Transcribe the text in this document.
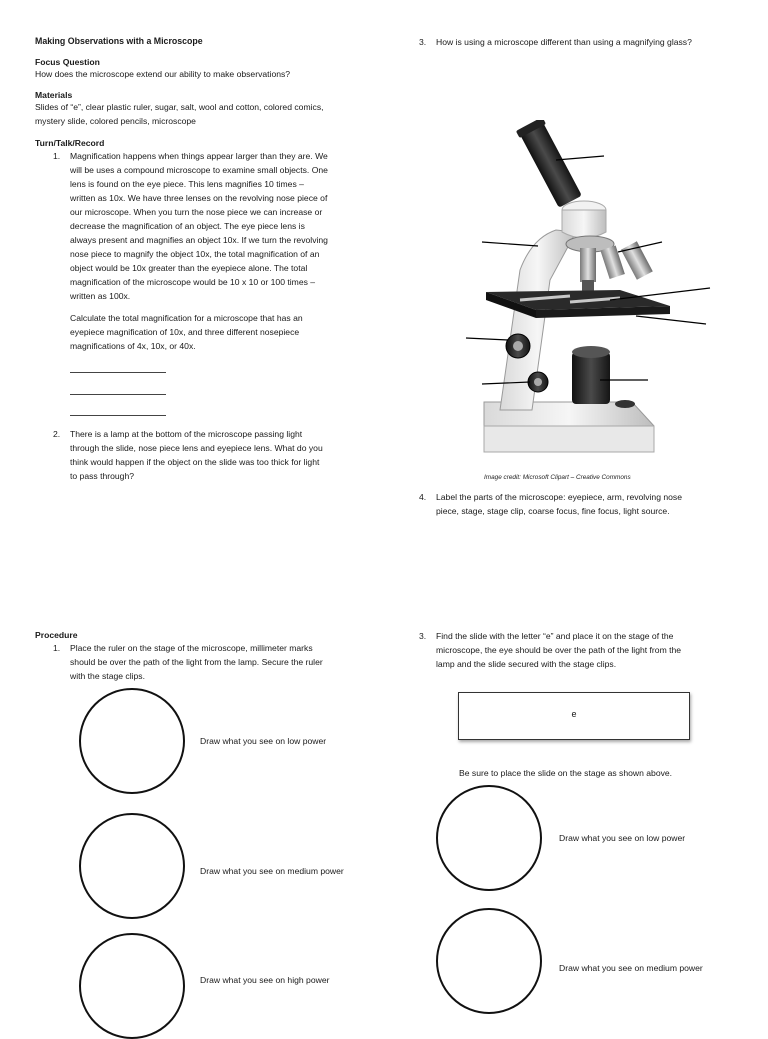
Making Observations with a Microscope
Focus Question
How does the microscope extend our ability to make observations?
Materials
Slides of “e”, clear plastic ruler, sugar, salt, wool and cotton, colored comics,
mystery slide, colored pencils, microscope
Turn/Talk/Record
1. Magnification happens when things appear larger than they are. We
will be uses a compound microscope to examine small objects. One
lens is found on the eye piece. This lens magnifies 10 times –
written as 10x. We have three lenses on the revolving nose piece of
our microscope. When you turn the nose piece we can increase or
decrease the magnification of an object. The eye piece lens is
always present and magnifies an object 10x. If we turn the revolving
nose piece to magnify the object 10x, the total magnification of an
object would be 10x greater than the eyepiece alone. The total
magnification of the microscope would be 10 x 10 or 100 times –
written as 100x.
Calculate the total magnification for a microscope that has an
eyepiece magnification of 10x, and three different nosepiece
magnifications of 4x, 10x, or 40x.
2. There is a lamp at the bottom of the microscope passing light
through the slide, nose piece lens and eyepiece lens. What do you
think would happen if the object on the slide was too thick for light
to pass through?
Procedure
1. Place the ruler on the stage of the microscope, millimeter marks
should be over the path of the light from the lamp. Secure the ruler
with the stage clips.
Draw what you see on low power
Draw what you see on medium power
Draw what you see on high power
3. How is using a microscope different than using a magnifying glass?
Image credit: Microsoft Clipart – Creative Commons
4. Label the parts of the microscope: eyepiece, arm, revolving nose
piece, stage, stage clip, coarse focus, fine focus, light source.
3. Find the slide with the letter “e” and place it on the stage of the
microscope, the eye should be over the path of the light from the
lamp and the slide secured with the stage clips.
e
Be sure to place the slide on the stage as shown above.
Draw what you see on low power
Draw what you see on medium power
